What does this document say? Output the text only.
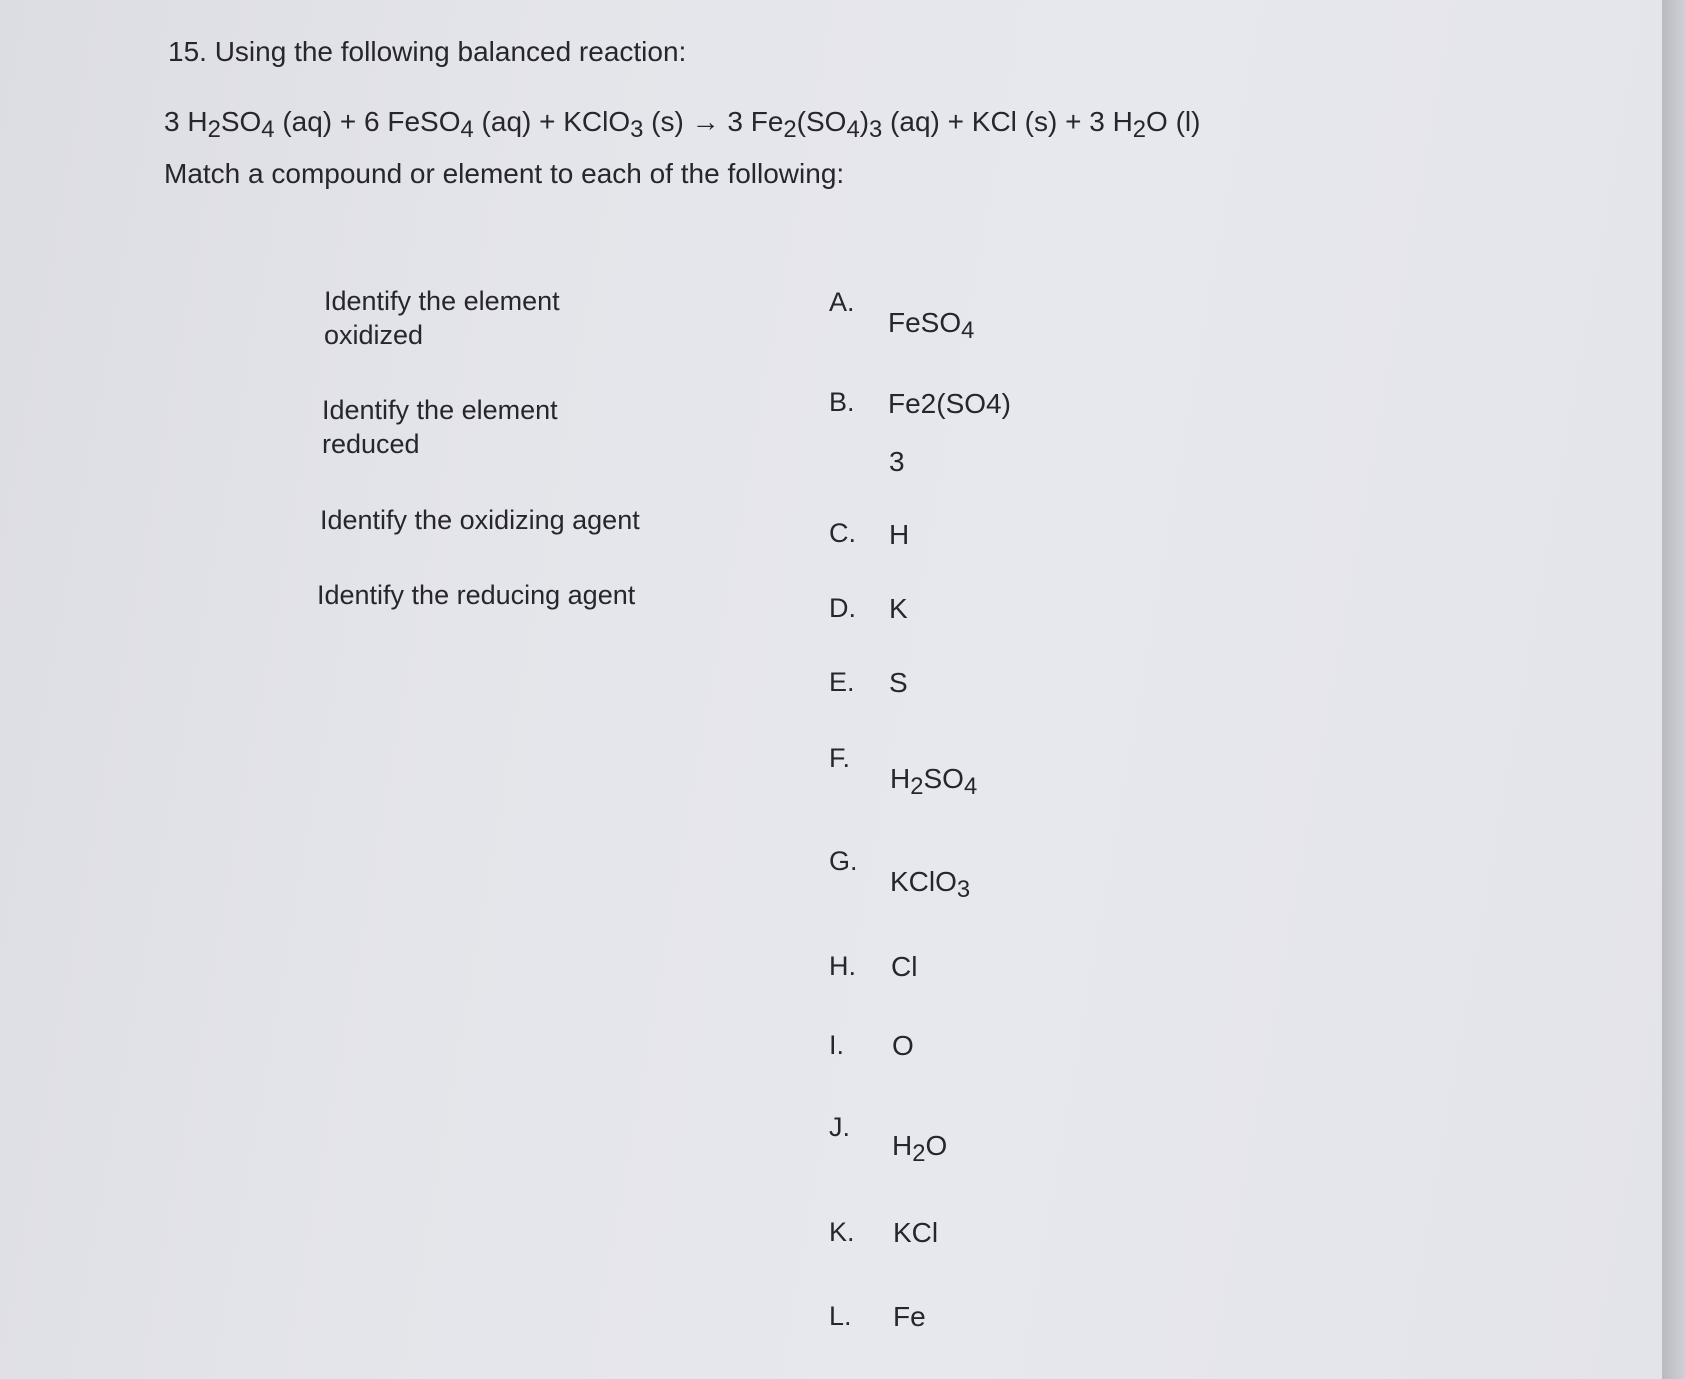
15. Using the following balanced reaction:
3 $H_2SO_4$ (aq) + 6 FeSO$_4$ (aq) + KClO$_3$ (s) → 3 $Fe_2(SO_4)_3$ (aq) + KCl (s) + 3 $H_2O$ (l)
Match a compound or element to each of the following:
Identify the element
oxidized
Identify the element
reduced
Identify the oxidizing agent
Identify the reducing agent
A.
FeSO$_4$
B. Fe2(SO4)
3
C. H
D. K
E. S
F.
$H_2SO_4$
G.
KClO$_3$
H. Cl
I. O
J.
$H_2O$
K. KCl
L. Fe
